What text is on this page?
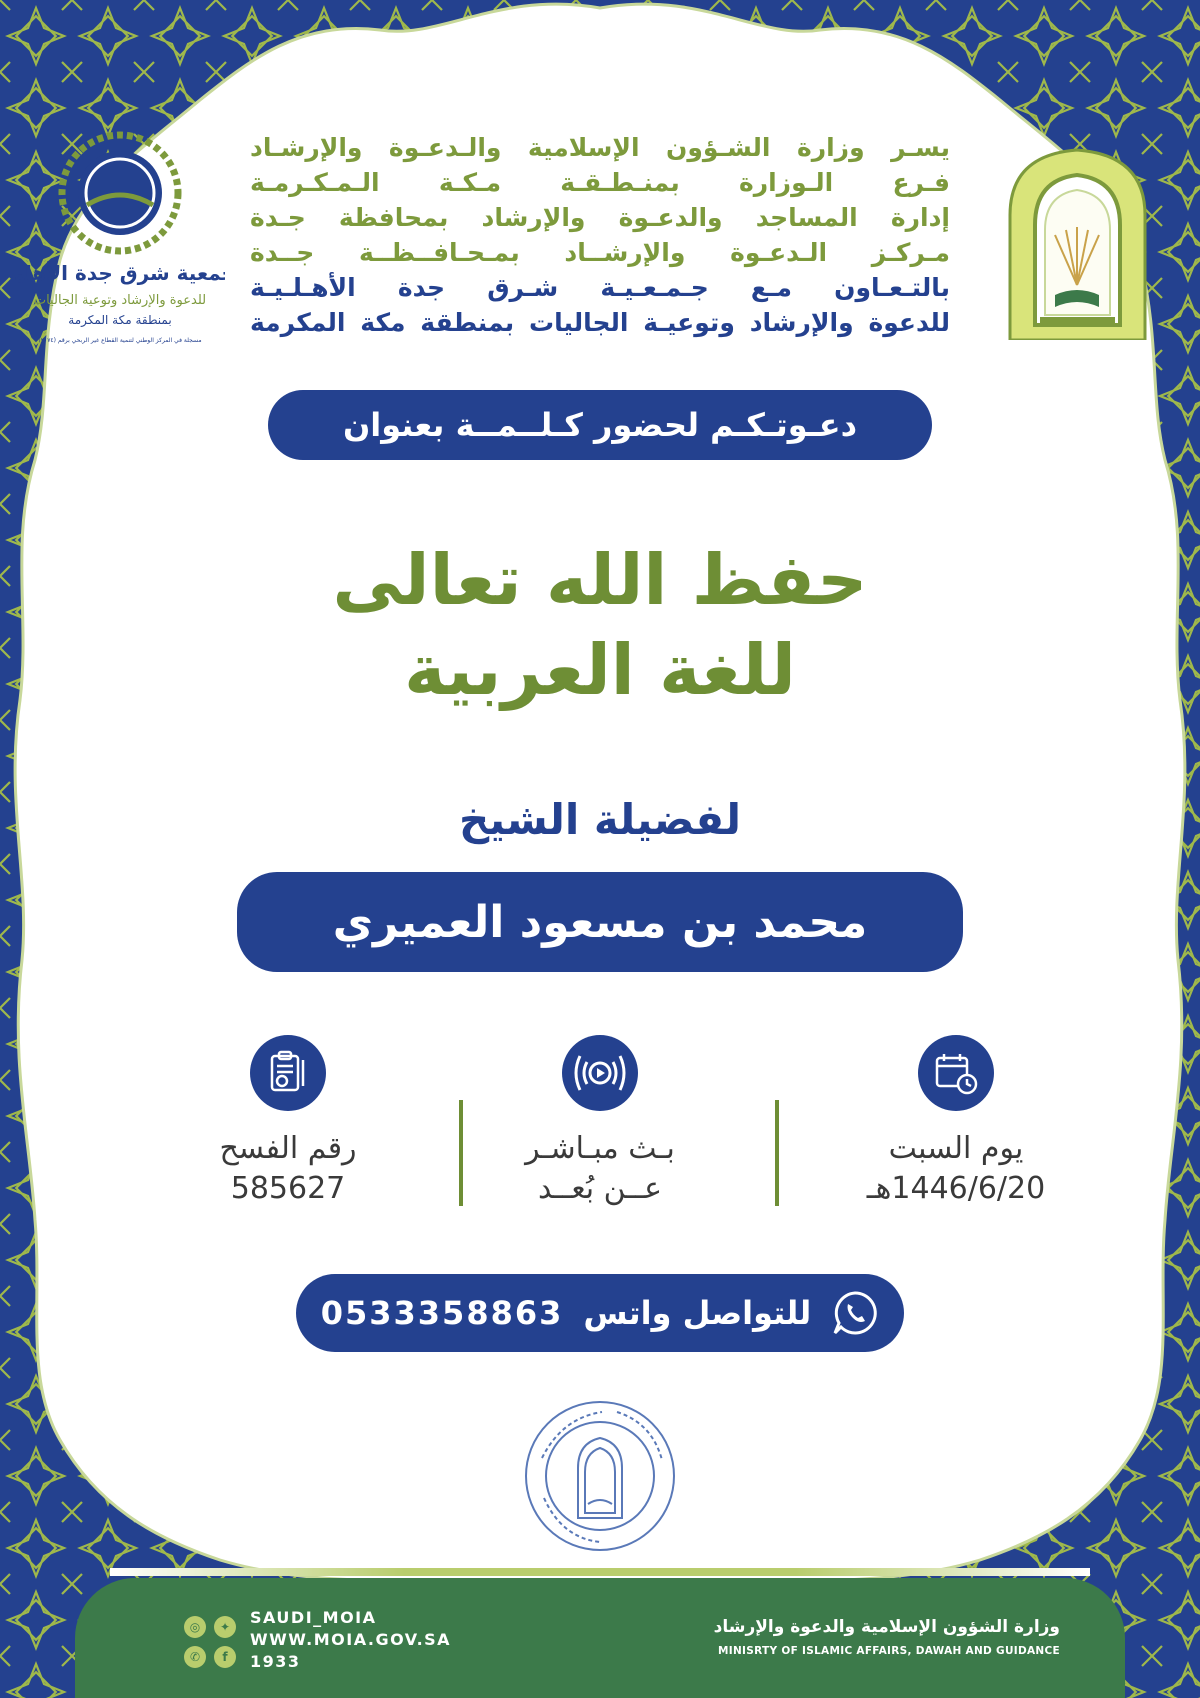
جمعية شرق جدة الأهلية
للدعوة والإرشاد وتوعية الجاليات
بمنطقة مكة المكرمة
مسجلة في المركز الوطني لتنمية القطاع غير الربحي برقم (٢٠٧٤)
يسـر وزارة الشـؤون الإسلامية والـدعـوة والإرشـاد
فـرع الـوزارة بمنـطـقـة مـكـة الـمـكـرمـة
إدارة المساجد والدعـوة والإرشاد بمحافظة جـدة
مـركـز الـدعـوة والإرشــاد بمـحـافــظــة جــدة
بالتـعـاون مـع جـمـعـيـة شـرق جدة الأهـلـيـة
للدعوة والإرشاد وتوعيـة الجاليات بمنطقة مكة المكرمة
دعـوتـكـم لحضور كـلــمــة بعنوان
حفظ الله تعالى
للغة العربية
لفضيلة الشيخ
محمد بن مسعود العميري
يوم السبت
1446/6/20هـ
بـث مبـاشـر
عــن بُعــد
رقم الفسح
585627
للتواصل واتس
0533358863
◎	✦
✆	f
SAUDI_MOIA
WWW.MOIA.GOV.SA
1933
وزارة الشؤون الإسلامية والدعوة والإرشاد
MINISRTY OF ISLAMIC AFFAIRS, DAWAH AND GUIDANCE
